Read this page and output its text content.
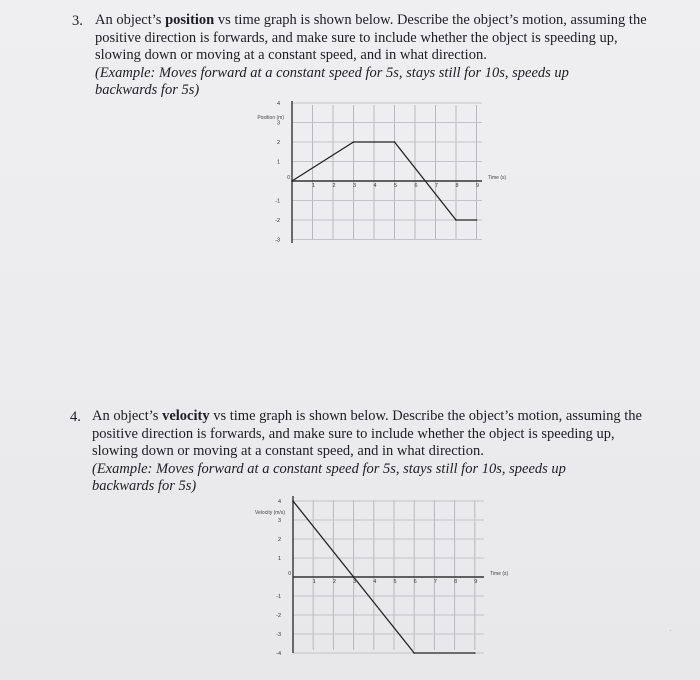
3. An object’s position vs time graph is shown below. Describe the object’s motion, assuming the positive direction is forwards, and make sure to include whether the object is speeding up, slowing down or moving at a constant speed, and in what direction.

(Example: Moves forward at a constant speed for 5s, stays still for 10s, speeds up backwards for 5s)

Position (m)
Time (s)
1	2	3	4	5	6	7	8	9
4
3
2
1
-1
-2
-3
0
4. An object’s velocity vs time graph is shown below. Describe the object’s motion, assuming the positive direction is forwards, and make sure to include whether the object is speeding up, slowing down or moving at a constant speed, and in what direction.

(Example: Moves forward at a constant speed for 5s, stays still for 10s, speeds up backwards for 5s)

Velocity (m/s)
Time (s)
1	2	3	4	5	6	7	8	9
4
3
2
1
-1
-2
-3
-4
0
·
